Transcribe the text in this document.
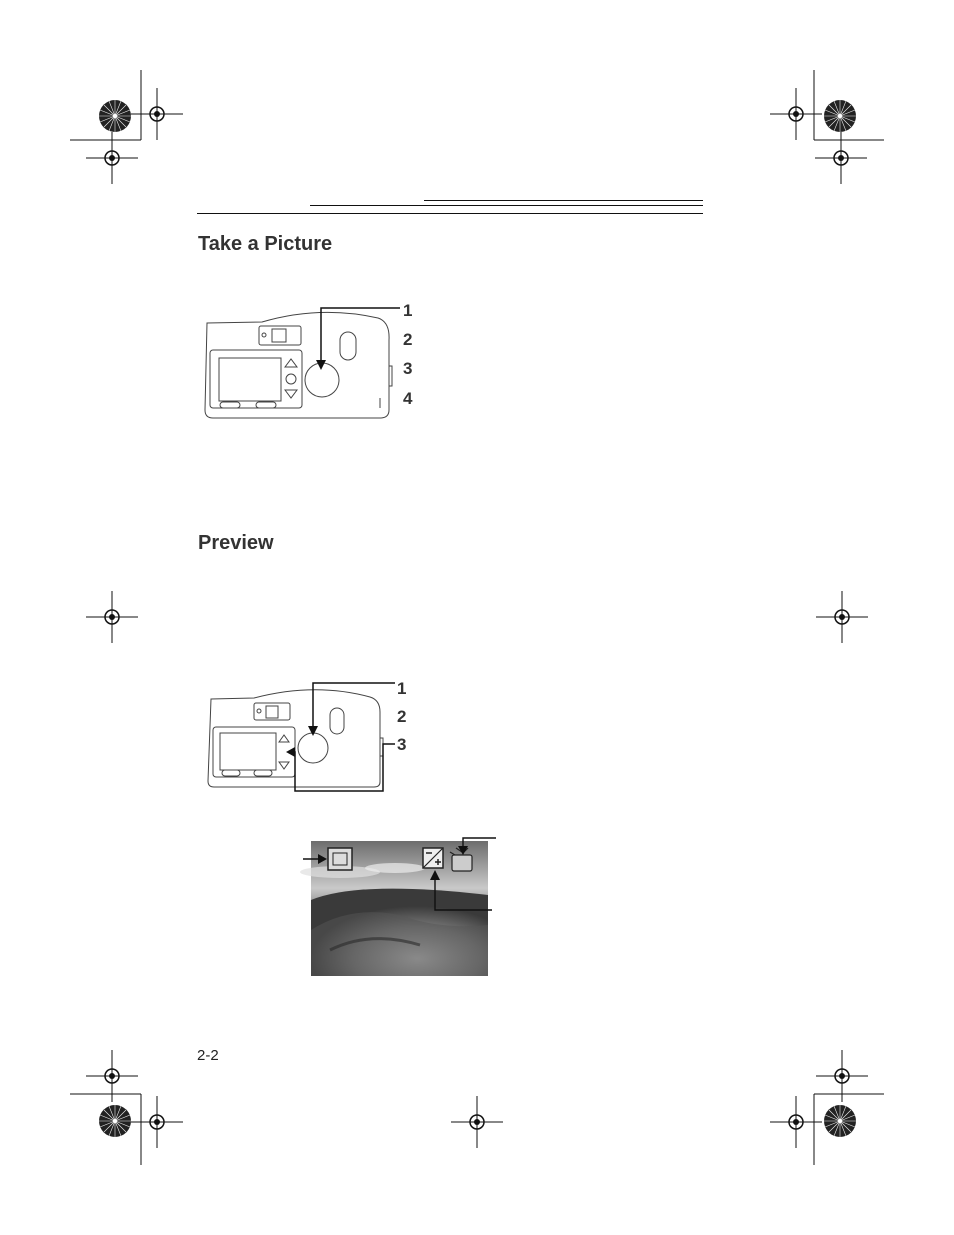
Take a Picture
1
2
3
4
Preview
1
2
3
2-2
